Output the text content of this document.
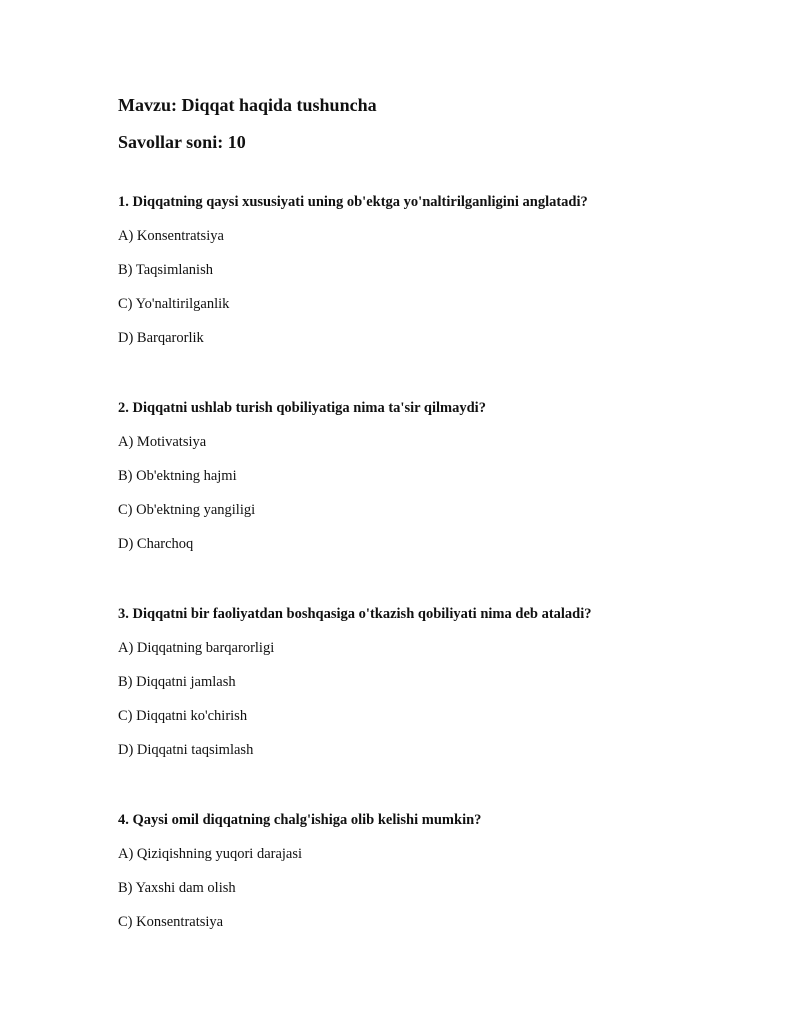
Mavzu: Diqqat haqida tushuncha

Savollar soni: 10

1. Diqqatning qaysi xususiyati uning ob'ektga yo'naltirilganligini anglatadi?

A) Konsentratsiya

B) Taqsimlanish

C) Yo'naltirilganlik

D) Barqarorlik

2. Diqqatni ushlab turish qobiliyatiga nima ta'sir qilmaydi?

A) Motivatsiya

B) Ob'ektning hajmi

C) Ob'ektning yangiligi

D) Charchoq

3. Diqqatni bir faoliyatdan boshqasiga o'tkazish qobiliyati nima deb ataladi?

A) Diqqatning barqarorligi

B) Diqqatni jamlash

C) Diqqatni ko'chirish

D) Diqqatni taqsimlash

4. Qaysi omil diqqatning chalg'ishiga olib kelishi mumkin?

A) Qiziqishning yuqori darajasi

B) Yaxshi dam olish

C) Konsentratsiya
